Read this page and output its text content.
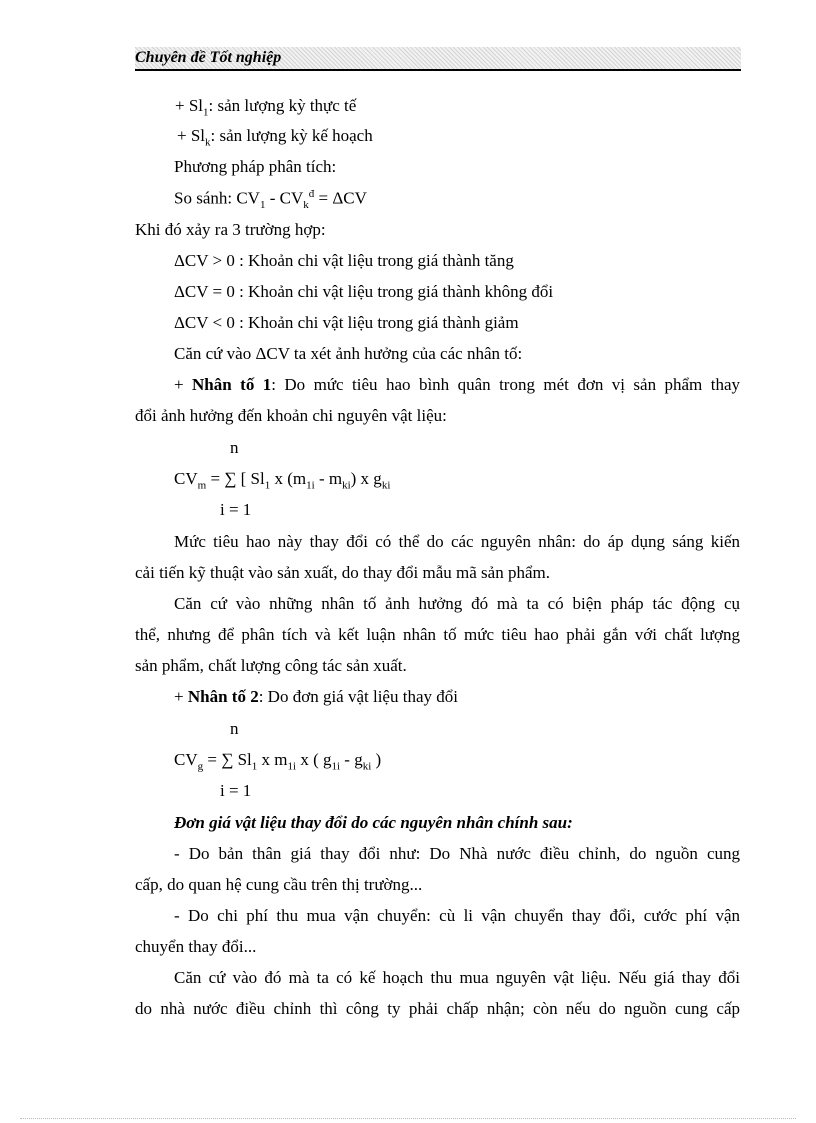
Chuyên đề Tốt nghiệp
+ $Sl_1$: sản lượng kỳ thực tế
+ $Sl_k$: sản lượng kỳ kế hoạch
Phương pháp phân tích:
So sánh: $CV_1 - CV_k^đ = \Delta CV$
Khi đó xảy ra 3 trường hợp:
ΔCV > 0 : Khoản chi vật liệu trong giá thành tăng
ΔCV = 0 : Khoản chi vật liệu trong giá thành không đổi
ΔCV < 0 : Khoản chi vật liệu trong giá thành giảm
Căn cứ vào ΔCV ta xét ảnh hưởng của các nhân tố:
+ Nhân tố 1: Do mức tiêu hao bình quân trong mét đơn vị sản phẩm thay
đổi ảnh hưởng đến khoản chi nguyên vật liệu:
n
$CV_m$ = ∑ [ $Sl_1$ x $(m_{1i} - m_{ki})$ x $g_{ki}$
i = 1
Mức tiêu hao này thay đổi có thể do các nguyên nhân: do áp dụng sáng kiến
cải tiến kỹ thuật vào sản xuất, do thay đổi mẫu mã sản phẩm.
Căn cứ vào những nhân tố ảnh hưởng đó mà ta có biện pháp tác động cụ
thể, nhưng để phân tích và kết luận nhân tố mức tiêu hao phải gắn với chất lượng
sản phẩm, chất lượng công tác sản xuất.
+ Nhân tố 2: Do đơn giá vật liệu thay đổi
n
$CV_g$ = ∑ $Sl_1$ x $m_{1i}$ x ( $g_{1i} - g_{ki}$ )
i = 1
Đơn giá vật liệu thay đổi do các nguyên nhân chính sau:
- Do bản thân giá thay đổi như: Do Nhà nước điều chỉnh, do nguồn cung
cấp, do quan hệ cung cầu trên thị trường...
- Do chi phí thu mua vận chuyển: cù li vận chuyển thay đổi, cước phí vận
chuyển thay đổi...
Căn cứ vào đó mà ta có kế hoạch thu mua nguyên vật liệu. Nếu giá thay đổi
do nhà nước điều chỉnh thì công ty phải chấp nhận; còn nếu do nguồn cung cấp
